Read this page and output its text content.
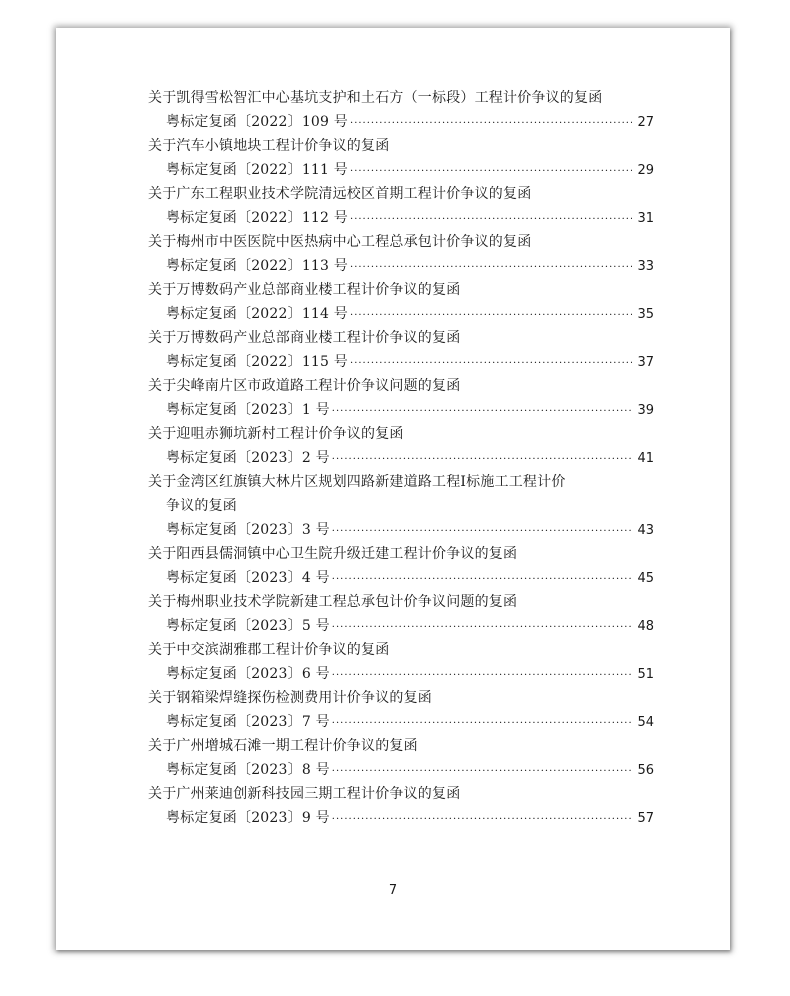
关于凯得雪松智汇中心基坑支护和土石方（一标段）工程计价争议的复函
粤标定复函〔2022〕109 号 ·····	27
关于汽车小镇地块工程计价争议的复函
粤标定复函〔2022〕111 号 ·····	29
关于广东工程职业技术学院清远校区首期工程计价争议的复函
粤标定复函〔2022〕112 号 ·····	31
关于梅州市中医医院中医热病中心工程总承包计价争议的复函
粤标定复函〔2022〕113 号 ·····	33
关于万博数码产业总部商业楼工程计价争议的复函
粤标定复函〔2022〕114 号 ·····	35
关于万博数码产业总部商业楼工程计价争议的复函
粤标定复函〔2022〕115 号 ·····	37
关于尖峰南片区市政道路工程计价争议问题的复函
粤标定复函〔2023〕1 号 ·····	39
关于迎咀赤狮坑新村工程计价争议的复函
粤标定复函〔2023〕2 号 ·····	41
关于金湾区红旗镇大林片区规划四路新建道路工程Ⅰ标施工工程计价
争议的复函
粤标定复函〔2023〕3 号 ·····	43
关于阳西县儒洞镇中心卫生院升级迁建工程计价争议的复函
粤标定复函〔2023〕4 号 ·····	45
关于梅州职业技术学院新建工程总承包计价争议问题的复函
粤标定复函〔2023〕5 号 ·····	48
关于中交滨湖雅郡工程计价争议的复函
粤标定复函〔2023〕6 号 ·····	51
关于钢箱梁焊缝探伤检测费用计价争议的复函
粤标定复函〔2023〕7 号 ·····	54
关于广州增城石滩一期工程计价争议的复函
粤标定复函〔2023〕8 号 ·····	56
关于广州莱迪创新科技园三期工程计价争议的复函
粤标定复函〔2023〕9 号 ·····	57
7
